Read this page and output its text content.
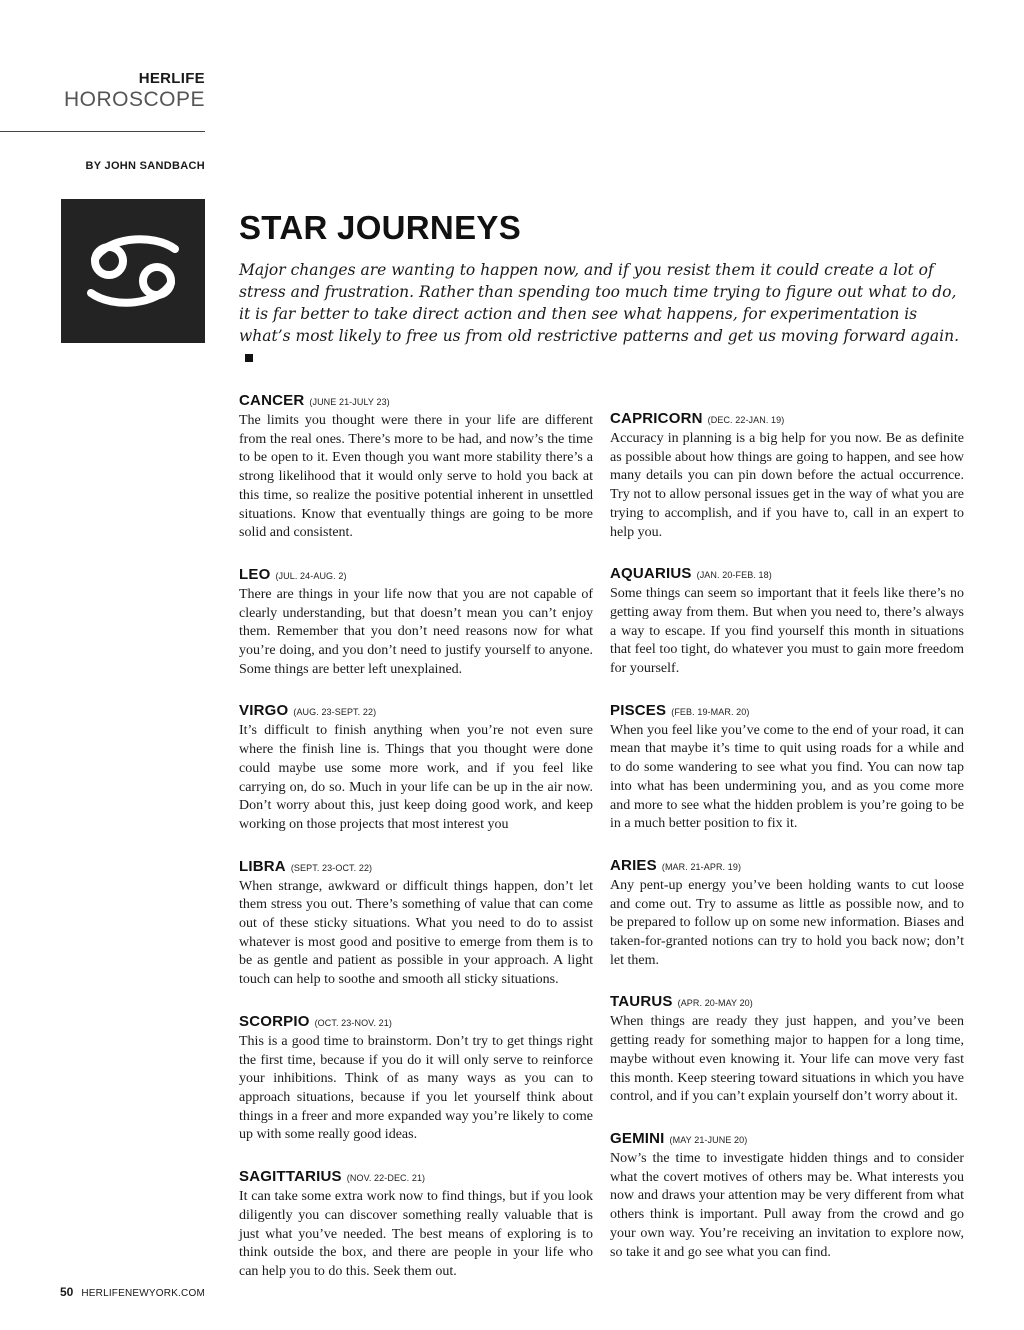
HERLIFE
HOROSCOPE
BY JOHN SANDBACH
STAR JOURNEYS

Major changes are wanting to happen now, and if you resist them it could create a lot of stress and frustration. Rather than spending too much time trying to figure out what to do, it is far better to take direct action and then see what happens, for experimentation is what’s most likely to free us from old restrictive patterns and get us moving forward again.

CANCER (JUNE 21-JULY 23)

The limits you thought were there in your life are different from the real ones. There’s more to be had, and now’s the time to be open to it. Even though you want more stability there’s a strong likelihood that it would only serve to hold you back at this time, so realize the positive potential inherent in unsettled situations. Know that eventually things are going to be more solid and consistent.

LEO (JUL. 24-AUG. 2)

There are things in your life now that you are not capable of clearly understanding, but that doesn’t mean you can’t enjoy them. Remember that you don’t need reasons now for what you’re doing, and you don’t need to justify yourself to anyone. Some things are better left unexplained.

VIRGO (AUG. 23-SEPT. 22)

It’s difficult to finish anything when you’re not even sure where the finish line is. Things that you thought were done could maybe use some more work, and if you feel like carrying on, do so. Much in your life can be up in the air now. Don’t worry about this, just keep doing good work, and keep working on those projects that most interest you

LIBRA (SEPT. 23-OCT. 22)

When strange, awkward or difficult things happen, don’t let them stress you out. There’s something of value that can come out of these sticky situations. What you need to do to assist whatever is most good and positive to emerge from them is to be as gentle and patient as possible in your approach. A light touch can help to soothe and smooth all sticky situations.

SCORPIO (OCT. 23-NOV. 21)

This is a good time to brainstorm. Don’t try to get things right the first time, because if you do it will only serve to reinforce your inhibitions. Think of as many ways as you can to approach situations, because if you let yourself think about things in a freer and more expanded way you’re likely to come up with some really good ideas.

SAGITTARIUS (NOV. 22-DEC. 21)

It can take some extra work now to find things, but if you look diligently you can discover something really valuable that is just what you’ve needed. The best means of exploring is to think outside the box, and there are people in your life who can help you to do this. Seek them out.

CAPRICORN (DEC. 22-JAN. 19)

Accuracy in planning is a big help for you now. Be as definite as possible about how things are going to happen, and see how many details you can pin down before the actual occurrence. Try not to allow personal issues get in the way of what you are trying to accomplish, and if you have to, call in an expert to help you.

AQUARIUS (JAN. 20-FEB. 18)

Some things can seem so important that it feels like there’s no getting away from them. But when you need to, there’s always a way to escape. If you find yourself this month in situations that feel too tight, do whatever you must to gain more freedom for yourself.

PISCES (FEB. 19-MAR. 20)

When you feel like you’ve come to the end of your road, it can mean that maybe it’s time to quit using roads for a while and to do some wandering to see what you find. You can now tap into what has been undermining you, and as you come more and more to see what the hidden problem is you’re going to be in a much better position to fix it.

ARIES (MAR. 21-APR. 19)

Any pent-up energy you’ve been holding wants to cut loose and come out. Try to assume as little as possible now, and to be prepared to follow up on some new information. Biases and taken-for-granted notions can try to hold you back now; don’t let them.

TAURUS (APR. 20-MAY 20)

When things are ready they just happen, and you’ve been getting ready for something major to happen for a long time, maybe without even knowing it. Your life can move very fast this month. Keep steering toward situations in which you have control, and if you can’t explain yourself don’t worry about it.

GEMINI (MAY 21-JUNE 20)

Now’s the time to investigate hidden things and to consider what the covert motives of others may be. What interests you now and draws your attention may be very different from what others think is important. Pull away from the crowd and go your own way. You’re receiving an invitation to explore now, so take it and go see what you can find.

50 HERLIFENEWYORK.COM
